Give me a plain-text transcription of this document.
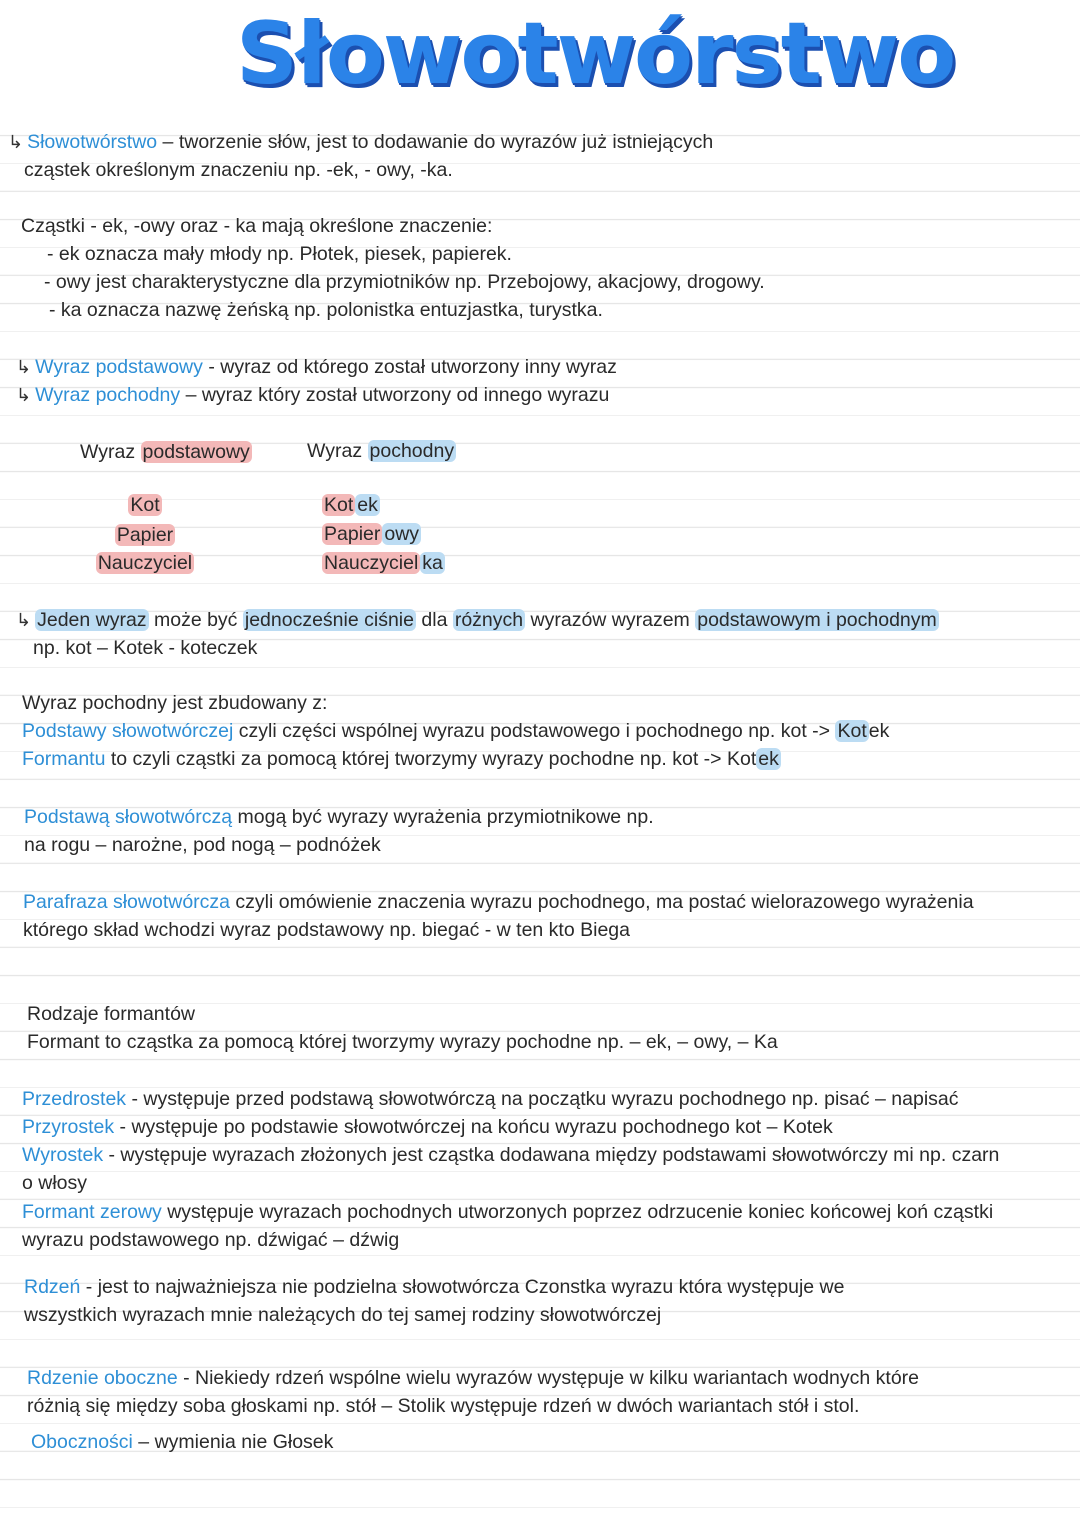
Słowotwórstwo
↳ Słowotwórstwo – tworzenie słów, jest to dodawanie do wyrazów już istniejących
cząstek określonym znaczeniu np. -ek, - owy, -ka.
Cząstki - ek, -owy oraz - ka mają określone znaczenie:
- ek oznacza mały młody np. Płotek, piesek, papierek.
- owy jest charakterystyczne dla przymiotników np. Przebojowy, akacjowy, drogowy.
- ka oznacza nazwę żeńską np. polonistka entuzjastka, turystka.
↳ Wyraz podstawowy - wyraz od którego został utworzony inny wyraz
↳ Wyraz pochodny – wyraz który został utworzony od innego wyrazu
Wyraz podstawowy	Wyraz pochodny
Kot
Papier
Nauczyciel
Kot ek
Papier owy
Nauczyciel ka
↳ Jeden wyraz może być jednocześnie ciśnie dla różnych wyrazów wyrazem podstawowym i pochodnym
np. kot – Kotek - koteczek
Wyraz pochodny jest zbudowany z:
Podstawy słowotwórczej czyli części wspólnej wyrazu podstawowego i pochodnego np. kot -> Kot ek
Formantu to czyli cząstki za pomocą której tworzymy wyrazy pochodne np. kot -> Kot ek
Podstawą słowotwórczą mogą być wyrazy wyrażenia przymiotnikowe np.
na rogu – narożne, pod nogą – podnóżek
Parafraza słowotwórcza czyli omówienie znaczenia wyrazu pochodnego, ma postać wielorazowego wyrażenia
którego skład wchodzi wyraz podstawowy np. biegać - w ten kto Biega
Rodzaje formantów
Formant to cząstka za pomocą której tworzymy wyrazy pochodne np. – ek, – owy, – Ka
Przedrostek - występuje przed podstawą słowotwórczą na początku wyrazu pochodnego np. pisać – napisać
Przyrostek - występuje po podstawie słowotwórczej na końcu wyrazu pochodnego kot – Kotek
Wyrostek - występuje wyrazach złożonych jest cząstka dodawana między podstawami słowotwórczy mi np. czarn
o włosy
Formant zerowy występuje wyrazach pochodnych utworzonych poprzez odrzucenie koniec końcowej koń cząstki
wyrazu podstawowego np. dźwigać – dźwig
Rdzeń - jest to najważniejsza nie podzielna słowotwórcza Czonstka wyrazu która występuje we
wszystkich wyrazach mnie należących do tej samej rodziny słowotwórczej
Rdzenie oboczne - Niekiedy rdzeń wspólne wielu wyrazów występuje w kilku wariantach wodnych które
różnią się między soba głoskami np. stół – Stolik występuje rdzeń w dwóch wariantach stół i stol.
Oboczności – wymienia nie Głosek
